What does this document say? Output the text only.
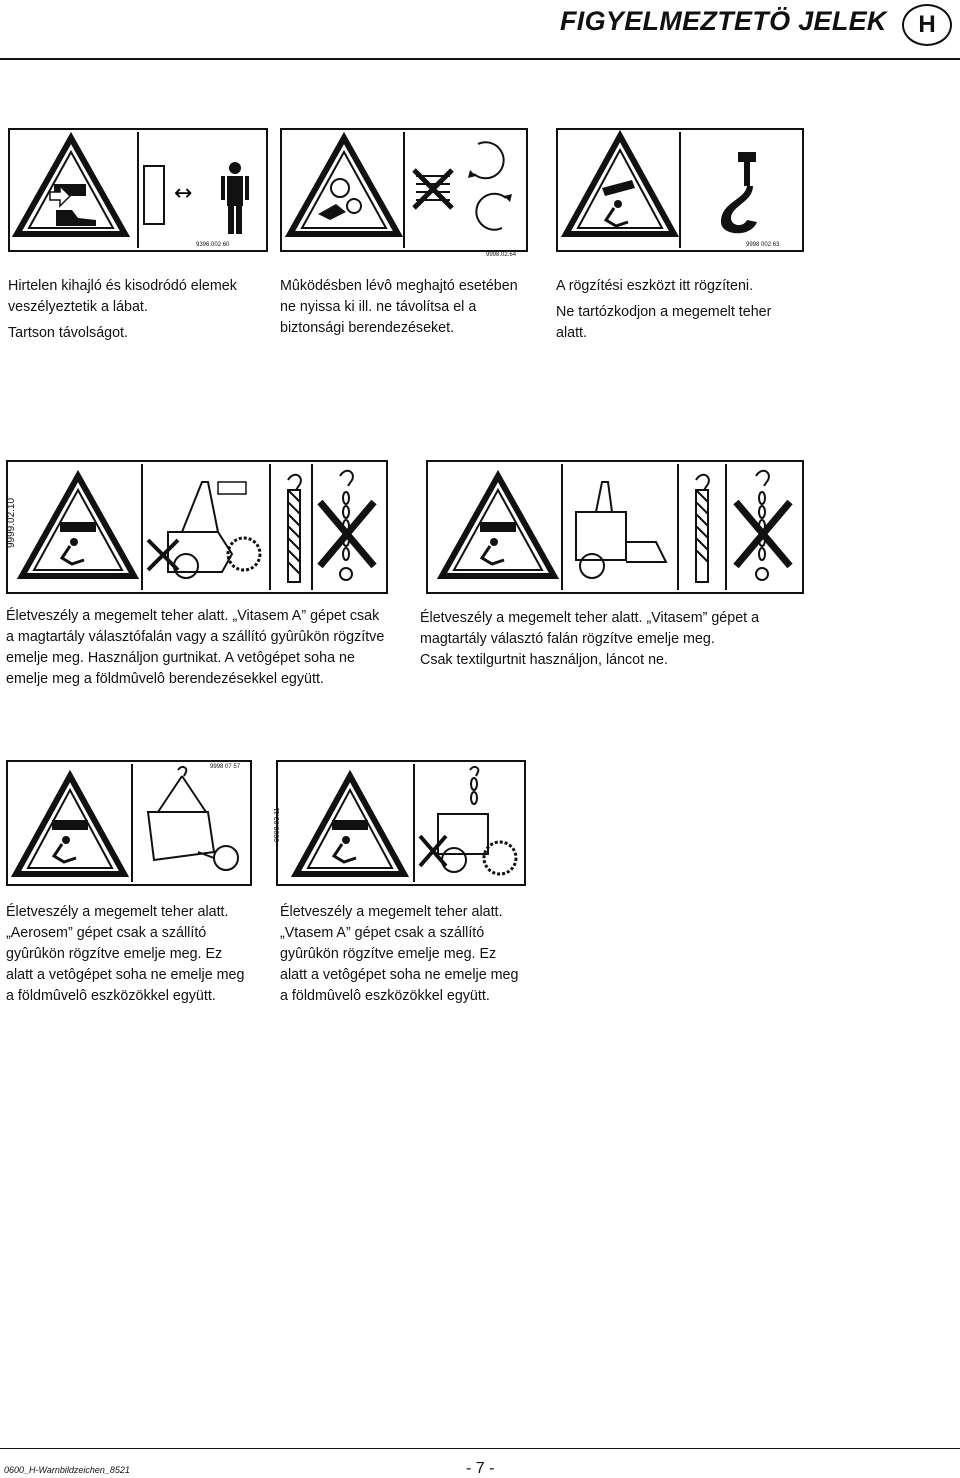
FIGYELMEZTETÖ JELEK	H
↔
9396.002 60
9998.02.64
9998 002 63

Hirtelen kihajló és kisodródó elemek veszélyeztetik a lábat.

Tartson távolságot.

Mûködésben lévô meghajtó esetében ne nyissa ki ill. ne távolítsa el a biztonsági berendezéseket.

A rögzítési eszközt itt rögzíteni.

Ne tartózkodjon a megemelt teher alatt.

9999.02.10

Életveszély a megemelt teher alatt. „Vitasem A” gépet csak a magtartály választófalán vagy a szállító gyûrûkön rögzítve emelje meg. Használjon gurtnikat. A vetôgépet soha ne emelje meg a földmûvelô berendezésekkel együtt.

Életveszély a megemelt teher alatt. „Vitasem” gépet a magtartály választó falán rögzítve emelje meg.

Csak textilgurtnit használjon, láncot ne.

9998 07 57
9998.02.11

Életveszély a megemelt teher alatt. „Aerosem” gépet csak a szállító gyûrûkön rögzítve emelje meg. Ez alatt a vetôgépet soha ne emelje meg a földmûvelô eszközökkel együtt.

Életveszély a megemelt teher alatt. „Vtasem A” gépet csak a szállító gyûrûkön rögzítve emelje meg. Ez alatt a vetôgépet soha ne emelje meg a földmûvelô eszközökkel együtt.

0600_H-Warnbildzeichen_8521	- 7 -
